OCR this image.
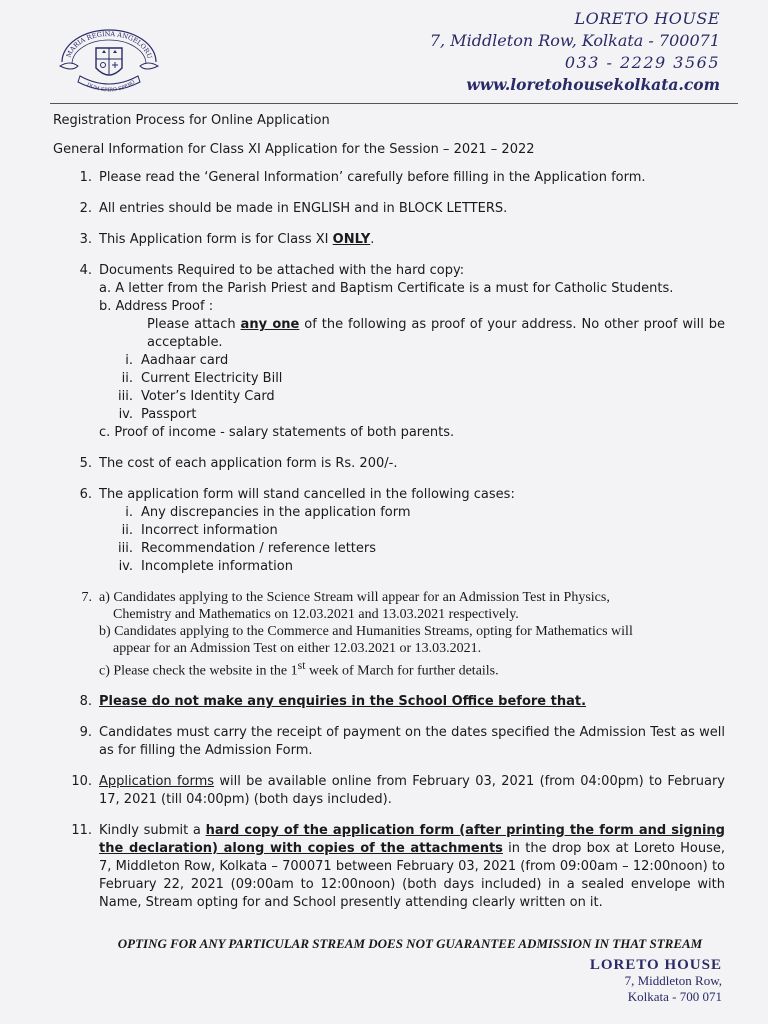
MARIA REGINA ANGELORU
DUM SPIRO SPERO
LORETO HOUSE
7, Middleton Row, Kolkata - 700071
033 - 2229 3565
www.loretohousekolkata.com
Registration Process for Online Application
General Information for Class XI Application for the Session – 2021 – 2022
1. Please read the ‘General Information’ carefully before filling in the Application form.
2. All entries should be made in ENGLISH and in BLOCK LETTERS.
3. This Application form is for Class XI ONLY.
4. Documents Required to be attached with the hard copy:
a. A letter from the Parish Priest and Baptism Certificate is a must for Catholic Students.
b. Address Proof :
Please attach any one of the following as proof of your address. No other proof will be acceptable.
i. Aadhaar card
ii. Current Electricity Bill
iii. Voter’s Identity Card
iv. Passport
c. Proof of income - salary statements of both parents.
5. The cost of each application form is Rs. 200/-.
6. The application form will stand cancelled in the following cases:
i. Any discrepancies in the application form
ii. Incorrect information
iii. Recommendation / reference letters
iv. Incomplete information
7. a) Candidates applying to the Science Stream will appear for an Admission Test in Physics,
Chemistry and Mathematics on 12.03.2021 and 13.03.2021 respectively.
b) Candidates applying to the Commerce and Humanities Streams, opting for Mathematics will
appear for an Admission Test on either 12.03.2021 or 13.03.2021.
c) Please check the website in the 1st week of March for further details.
8. Please do not make any enquiries in the School Office before that.
9. Candidates must carry the receipt of payment on the dates specified the Admission Test as well as for filling the Admission Form.
10. Application forms will be available online from February 03, 2021 (from 04:00pm) to February 17, 2021 (till 04:00pm) (both days included).
11. Kindly submit a hard copy of the application form (after printing the form and signing the declaration) along with copies of the attachments in the drop box at Loreto House, 7, Middleton Row, Kolkata – 700071 between February 03, 2021 (from 09:00am – 12:00noon) to February 22, 2021 (09:00am to 12:00noon) (both days included) in a sealed envelope with Name, Stream opting for and School presently attending clearly written on it.
OPTING FOR ANY PARTICULAR STREAM DOES NOT GUARANTEE ADMISSION IN THAT STREAM
LORETO HOUSE
7, Middleton Row,
Kolkata - 700 071
